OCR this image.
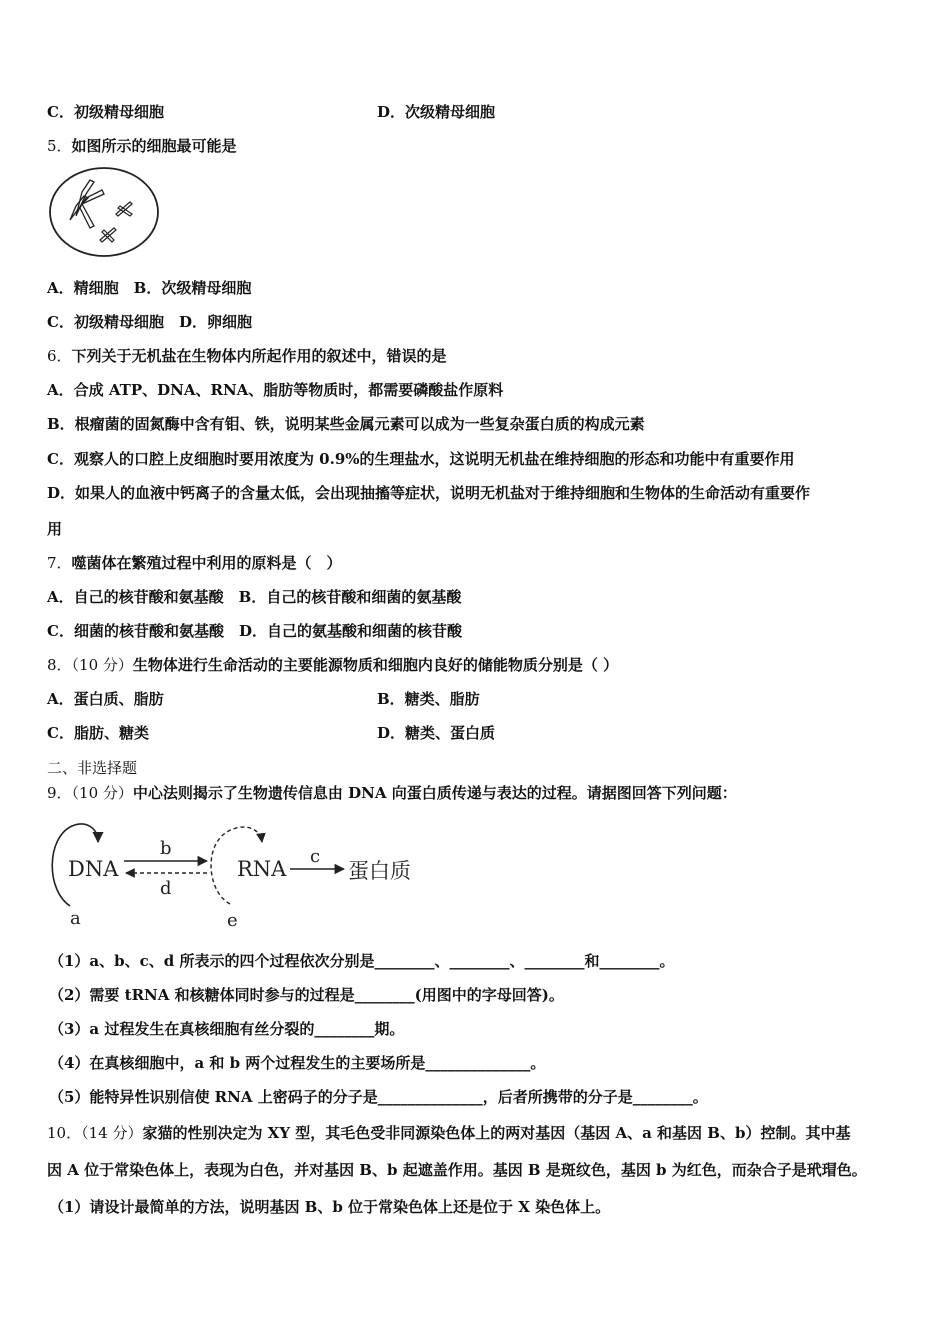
C．初级精母细胞	D．次级精母细胞
5．如图所示的细胞最可能是
A．精细胞　B．次级精母细胞
C．初级精母细胞　D．卵细胞
6．下列关于无机盐在生物体内所起作用的叙述中，错误的是
A．合成 ATP、DNA、RNA、脂肪等物质时，都需要磷酸盐作原料
B．根瘤菌的固氮酶中含有钼、铁，说明某些金属元素可以成为一些复杂蛋白质的构成元素
C．观察人的口腔上皮细胞时要用浓度为 0.9%的生理盐水，这说明无机盐在维持细胞的形态和功能中有重要作用
D．如果人的血液中钙离子的含量太低，会出现抽搐等症状，说明无机盐对于维持细胞和生物体的生命活动有重要作
用
7．噬菌体在繁殖过程中利用的原料是（　）
A．自己的核苷酸和氨基酸　B．自己的核苷酸和细菌的氨基酸
C．细菌的核苷酸和氨基酸　D．自己的氨基酸和细菌的核苷酸
8．（10 分）生物体进行生命活动的主要能源物质和细胞内良好的储能物质分别是（ ）
A．蛋白质、脂肪	B．糖类、脂肪
C．脂肪、糖类	D．糖类、蛋白质
二、非选择题
9．（10 分）中心法则揭示了生物遗传信息由 DNA 向蛋白质传递与表达的过程。请据图回答下列问题：
DNA
a
b
d
RNA
e
c
蛋白质
（1）a、b、c、d 所表示的四个过程依次分别是________、________、________和________。
（2）需要 tRNA 和核糖体同时参与的过程是________(用图中的字母回答)。
（3）a 过程发生在真核细胞有丝分裂的________期。
（4）在真核细胞中，a 和 b 两个过程发生的主要场所是______________。
（5）能特异性识别信使 RNA 上密码子的分子是______________，后者所携带的分子是________。
10．（14 分）家猫的性别决定为 XY 型，其毛色受非同源染色体上的两对基因（基因 A、a 和基因 B、b）控制。其中基
因 A 位于常染色体上，表现为白色，并对基因 B、b 起遮盖作用。基因 B 是斑纹色，基因 b 为红色，而杂合子是玳瑁色。
（1）请设计最简单的方法，说明基因 B、b 位于常染色体上还是位于 X 染色体上。
